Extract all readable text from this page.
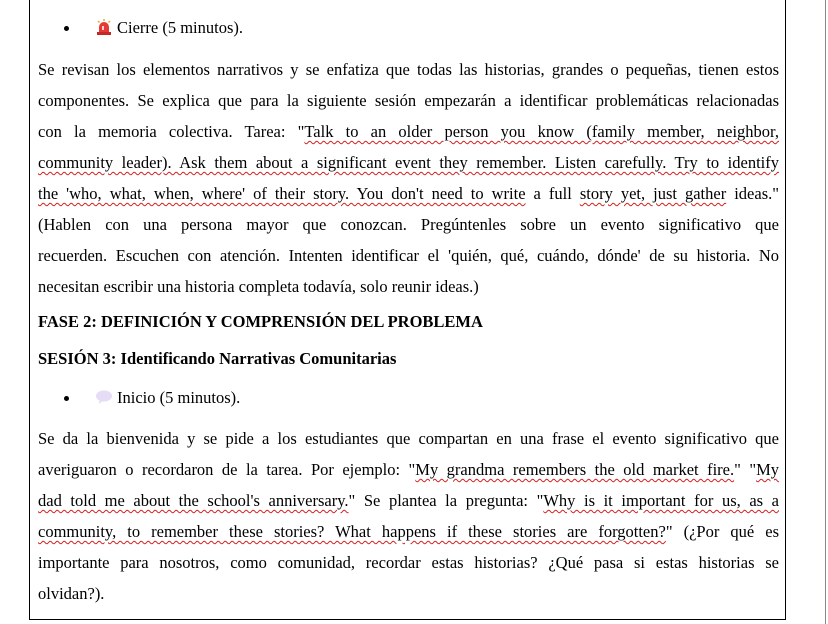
Cierre (5 minutos).
Se revisan los elementos narrativos y se enfatiza que todas las historias, grandes o pequeñas, tienen estos
componentes. Se explica que para la siguiente sesión empezarán a identificar problemáticas relacionadas
con la memoria colectiva. Tarea: "Talk to an older person you know (family member, neighbor,
community leader). Ask them about a significant event they remember. Listen carefully. Try to identify
the 'who, what, when, where' of their story. You don't need to write a full story yet, just gather ideas."
(Hablen con una persona mayor que conozcan. Pregúntenles sobre un evento significativo que
recuerden. Escuchen con atención. Intenten identificar el 'quién, qué, cuándo, dónde' de su historia. No
necesitan escribir una historia completa todavía, solo reunir ideas.)
FASE 2: DEFINICIÓN Y COMPRENSIÓN DEL PROBLEMA
SESIÓN 3: Identificando Narrativas Comunitarias
Inicio (5 minutos).
Se da la bienvenida y se pide a los estudiantes que compartan en una frase el evento significativo que
averiguaron o recordaron de la tarea. Por ejemplo: "My grandma remembers the old market fire." "My
dad told me about the school's anniversary." Se plantea la pregunta: "Why is it important for us, as a
community, to remember these stories? What happens if these stories are forgotten?" (¿Por qué es
importante para nosotros, como comunidad, recordar estas historias? ¿Qué pasa si estas historias se
olvidan?).
